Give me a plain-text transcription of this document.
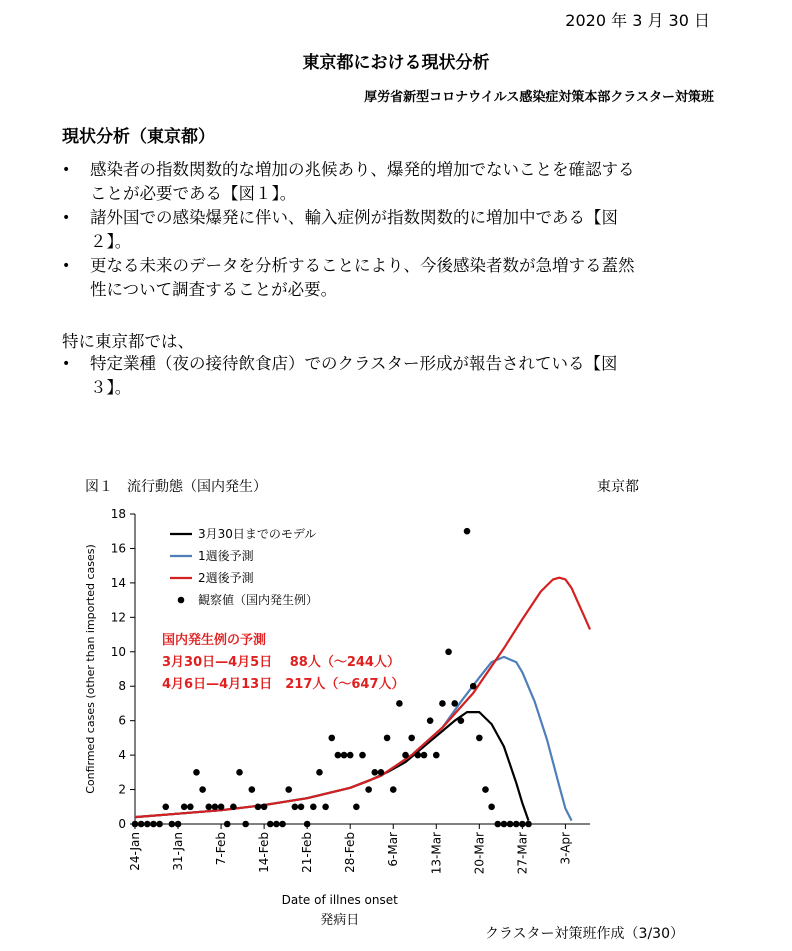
2020 年 3 月 30 日
東京都における現状分析
厚労省新型コロナウイルス感染症対策本部クラスター対策班
現状分析（東京都）
• 感染者の指数関数的な増加の兆候あり、爆発的増加でないことを確認する
ことが必要である【図１】。
• 諸外国での感染爆発に伴い、輸入症例が指数関数的に増加中である【図
２】。
• 更なる未来のデータを分析することにより、今後感染者数が急増する蓋然
性について調査することが必要。
特に東京都では、
• 特定業種（夜の接待飲食店）でのクラスター形成が報告されている【図
３】。
図１　流行動態（国内発生）	東京都
0
2
4
6
8
10
12
14
16
18
24-Jan 31-Jan 7-Feb 14-Feb 21-Feb 28-Feb 6-Mar 13-Mar 20-Mar 27-Mar 3-Apr
3月30日までのモデル
1週後予測
2週後予測
観察値（国内発生例）
国内発生例の予測
3月30日—4月5日　 88人（～244人）
4月6日—4月13日　217人（～647人）
Date of illnes onset
発病日
Confirmed cases (other than imported cases)
クラスター対策班作成（3/30）
